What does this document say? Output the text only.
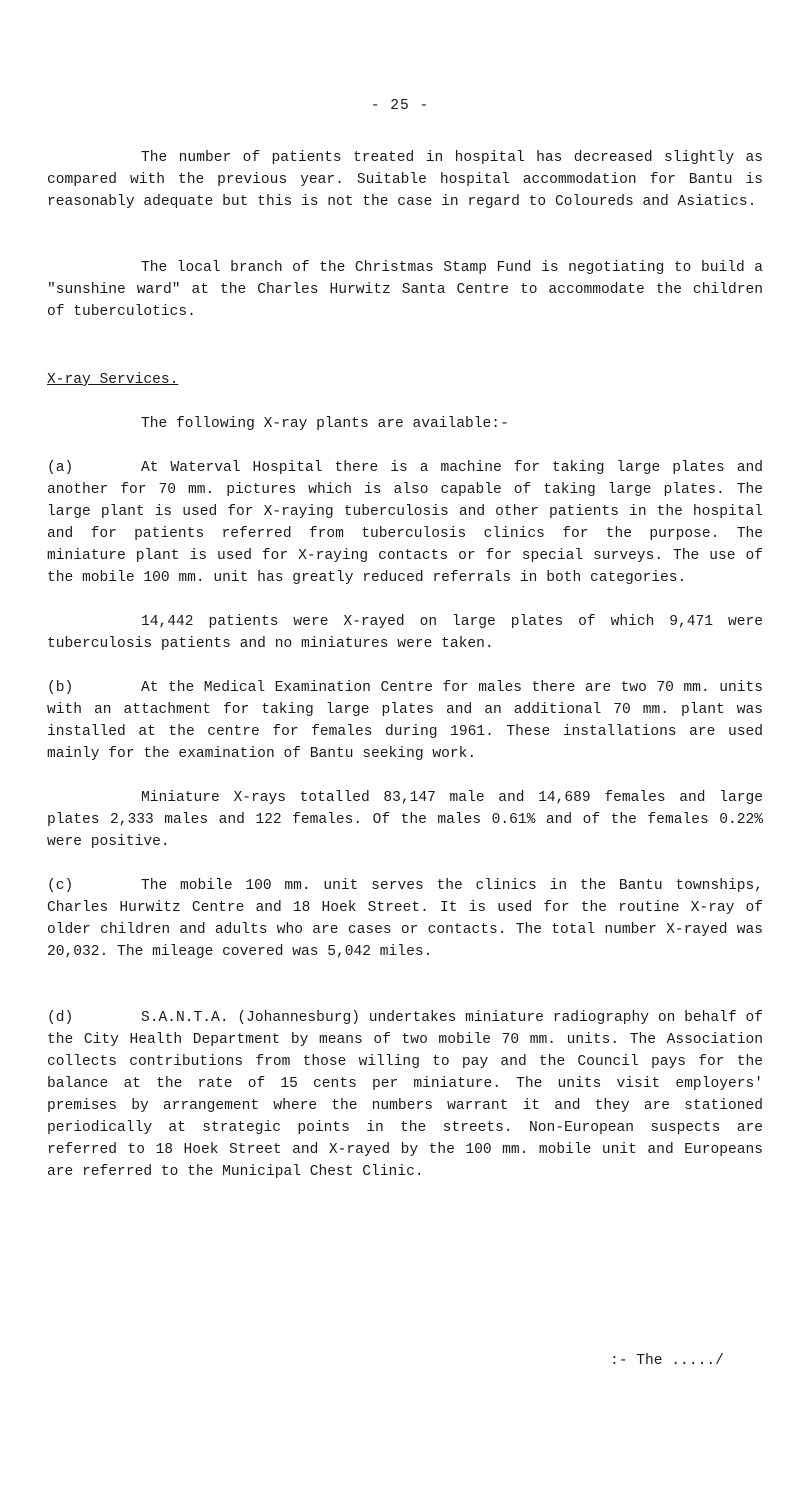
- 25 -

The number of patients treated in hospital has decreased slightly as compared with the previous year. Suitable hospital accommodation for Bantu is reasonably adequate but this is not the case in regard to Coloureds and Asiatics.

The local branch of the Christmas Stamp Fund is negotiating to build a "sunshine ward" at the Charles Hurwitz Santa Centre to accommodate the children of tuberculotics.

X-ray Services.

The following X-ray plants are available:-

(a)	At Waterval Hospital there is a machine for taking large plates and another for 70 mm. pictures which is also capable of taking large plates. The large plant is used for X-raying tuberculosis and other patients in the hospital and for patients referred from tuberculosis clinics for the purpose. The miniature plant is used for X-raying contacts or for special surveys. The use of the mobile 100 mm. unit has greatly reduced referrals in both categories.

14,442 patients were X-rayed on large plates of which 9,471 were tuberculosis patients and no miniatures were taken.

(b)	At the Medical Examination Centre for males there are two 70 mm. units with an attachment for taking large plates and an additional 70 mm. plant was installed at the centre for females during 1961. These installations are used mainly for the examination of Bantu seeking work.

Miniature X-rays totalled 83,147 male and 14,689 females and large plates 2,333 males and 122 females. Of the males 0.61% and of the females 0.22% were positive.

(c)	The mobile 100 mm. unit serves the clinics in the Bantu townships, Charles Hurwitz Centre and 18 Hoek Street. It is used for the routine X-ray of older children and adults who are cases or contacts. The total number X-rayed was 20,032. The mileage covered was 5,042 miles.

(d)	S.A.N.T.A. (Johannesburg) undertakes miniature radiography on behalf of the City Health Department by means of two mobile 70 mm. units. The Association collects contributions from those willing to pay and the Council pays for the balance at the rate of 15 cents per miniature. The units visit employers' premises by arrangement where the numbers warrant it and they are stationed periodically at strategic points in the streets. Non-European suspects are referred to 18 Hoek Street and X-rayed by the 100 mm. mobile unit and Europeans are referred to the Municipal Chest Clinic.

:- The ...../
